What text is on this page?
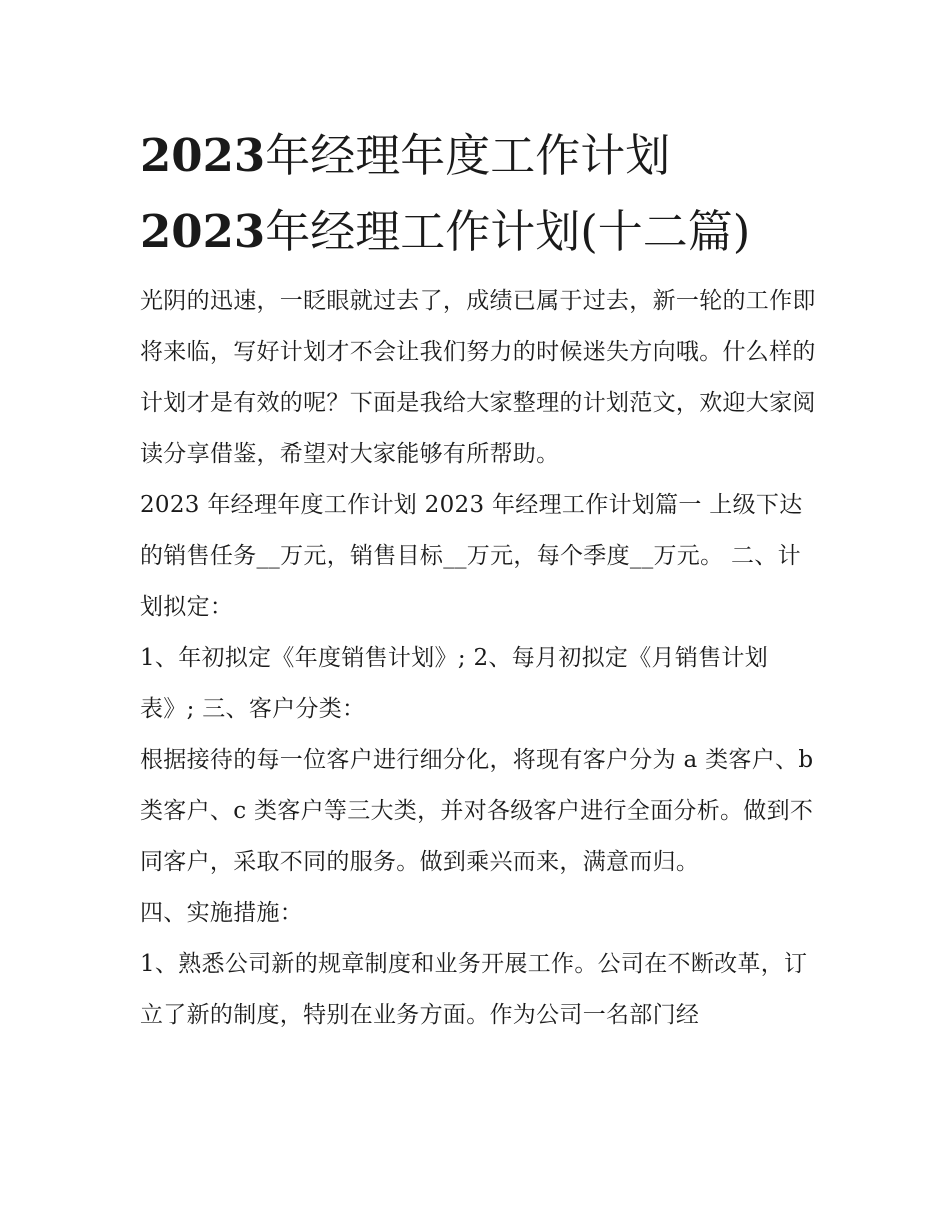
2023年经理年度工作计划
2023年经理工作计划(十二篇)

光阴的迅速，一眨眼就过去了，成绩已属于过去，新一轮的工作即将来临，写好计划才不会让我们努力的时候迷失方向哦。什么样的计划才是有效的呢？下面是我给大家整理的计划范文，欢迎大家阅读分享借鉴，希望对大家能够有所帮助。

2023 年经理年度工作计划 2023 年经理工作计划篇一 上级下达的销售任务__万元，销售目标__万元，每个季度__万元。 二、计划拟定：

1、年初拟定《年度销售计划》; 2、每月初拟定《月销售计划表》; 三、客户分类：

根据接待的每一位客户进行细分化，将现有客户分为 a 类客户、b 类客户、c 类客户等三大类，并对各级客户进行全面分析。做到不同客户，采取不同的服务。做到乘兴而来，满意而归。

四、实施措施：

1、熟悉公司新的规章制度和业务开展工作。公司在不断改革，订立了新的制度，特别在业务方面。作为公司一名部门经
